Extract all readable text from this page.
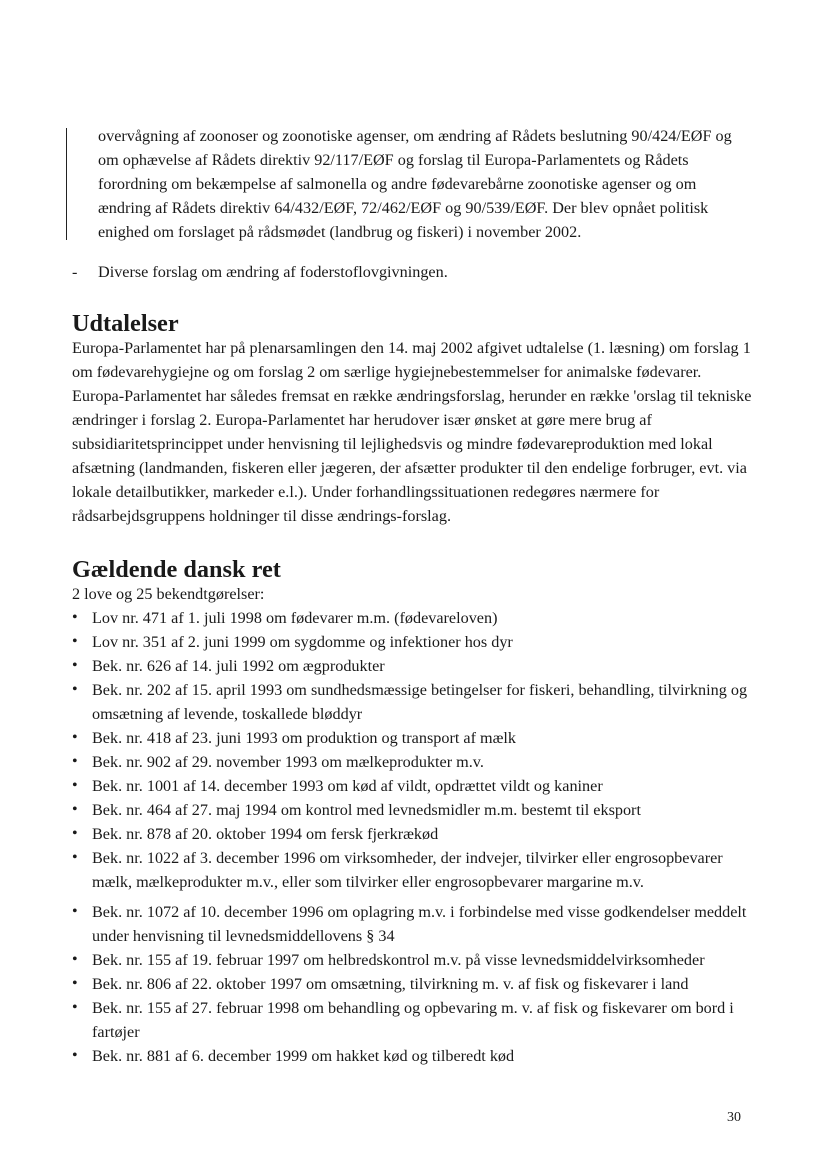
overvågning af zoonoser og zoonotiske agenser, om ændring af Rådets beslutning 90/424/EØF og om ophævelse af Rådets direktiv 92/117/EØF og forslag til Europa-Parlamentets og Rådets forordning om bekæmpelse af salmonella og andre fødevarebårne zoonotiske agenser og om ændring af Rådets direktiv 64/432/EØF, 72/462/EØF og 90/539/EØF. Der blev opnået politisk enighed om forslaget på rådsmødet (landbrug og fiskeri) i november 2002.

-	Diverse forslag om ændring af foderstoflovgivningen.
Udtalelser

Europa-Parlamentet har på plenarsamlingen den 14. maj 2002 afgivet udtalelse (1. læsning) om forslag 1 om fødevarehygiejne og om forslag 2 om særlige hygiejnebestemmelser for animalske fødevarer. Europa-Parlamentet har således fremsat en række ændringsforslag, herunder en række 'orslag til tekniske ændringer i forslag 2. Europa-Parlamentet har herudover især ønsket at gøre mere brug af subsidiaritetsprincippet under henvisning til lejlighedsvis og mindre fødevareproduktion med lokal afsætning (landmanden, fiskeren eller jægeren, der afsætter produkter til den endelige forbruger, evt. via lokale detailbutikker, markeder e.l.). Under forhandlingssituationen redegøres nærmere for rådsarbejdsgruppens holdninger til disse ændrings-forslag.

Gældende dansk ret

2 love og 25 bekendtgørelser:

• Lov nr. 471 af 1. juli 1998 om fødevarer m.m. (fødevareloven)
• Lov nr. 351 af 2. juni 1999 om sygdomme og infektioner hos dyr
• Bek. nr. 626 af 14. juli 1992 om ægprodukter
• Bek. nr. 202 af 15. april 1993 om sundhedsmæssige betingelser for fiskeri, behandling, tilvirkning og omsætning af levende, toskallede bløddyr
• Bek. nr. 418 af 23. juni 1993 om produktion og transport af mælk
• Bek. nr. 902 af 29. november 1993 om mælkeprodukter m.v.
• Bek. nr. 1001 af 14. december 1993 om kød af vildt, opdrættet vildt og kaniner
• Bek. nr. 464 af 27. maj 1994 om kontrol med levnedsmidler m.m. bestemt til eksport
• Bek. nr. 878 af 20. oktober 1994 om fersk fjerkrækød
• Bek. nr. 1022 af 3. december 1996 om virksomheder, der indvejer, tilvirker eller engrosopbevarer mælk, mælkeprodukter m.v., eller som tilvirker eller engrosopbevarer margarine m.v.
• Bek. nr. 1072 af 10. december 1996 om oplagring m.v. i forbindelse med visse godkendelser meddelt under henvisning til levnedsmiddellovens § 34
• Bek. nr. 155 af 19. februar 1997 om helbredskontrol m.v. på visse levnedsmiddelvirksomheder
• Bek. nr. 806 af 22. oktober 1997 om omsætning, tilvirkning m. v. af fisk og fiskevarer i land
• Bek. nr. 155 af 27. februar 1998 om behandling og opbevaring m. v. af fisk og fiskevarer om bord i fartøjer
• Bek. nr. 881 af 6. december 1999 om hakket kød og tilberedt kød
30
